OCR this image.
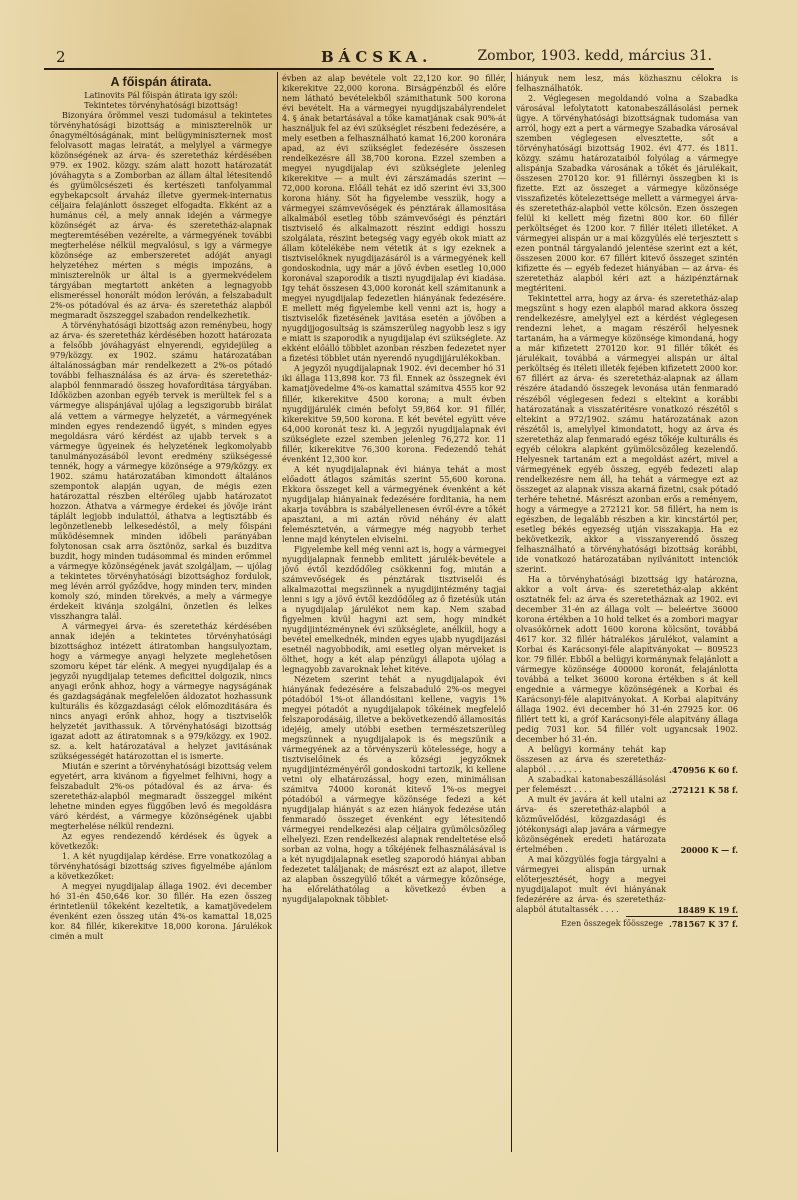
2	BÁCSKA.	Zombor, 1903. kedd, március 31.
A főispán átirata.

Latinovits Pál főispán átirata igy szól:

Tekintetes törvényhatósági bizottság!

Bizonyára örömmel veszi tudomásul a tekintetes törvényhatósági bizottság a miniszterelnök ur őnagyméltóságának, mint belügyminiszternek most felolvasott magas leiratát, a melylyel a vármegye közönségének az árva- és szeretetház kérdésében 979. ex 1902. közgy. szám alatt hozott határozatát jóváhagyta s a Zomborban az állam által létesitendő és gyümölcsészeti és kertészeti tanfolyammal egybekapcsolt árvaház illetve gyermek-internatus céljaira felajánlott összeget elfogadta. Ekként az a humánus cél, a mely annak idején a vármegye közönségét az árva- és szeretetház-alapnak megteremtésében vezérelte, a vármegyének további megterhelése nélkül megvalósul, s igy a vármegye közönsége az emberszeretet adóját anyagi helyzetéhez mérten s mégis impozáns, a miniszterelnök ur által is a gyermekvédelem tárgyában megtartott ankéten a legnagyobb elismeréssel honorált módon leróván, a felszabadult 2%-os pótadóval és az árva- és szeretetház alapból megmaradt öszszeggel szabadon rendelkezhetik.

A törvényhatósági bizottság azon reménybeu, hogy az árva- és szeretetház kérdésében hozott határozata a felsőbb jóváhagyást elnyerendi, egyidejüleg a 979/közgy. ex 1902. számu határozatában általánosságban már rendelkezett a 2%-os pótadó további felhasználása és az árva- és szeretetház-alapból fennmaradó összeg hovaforditása tárgyában. Időközben azonban egyéb tervek is merültek fel s a vármegye alispánjával ujólag a legszigorubb birálat alá vettem a vármegye helyzetét, a vármegyének minden egyes rendezendő ügyét, s minden egyes megoldásra váró kérdést az ujabb tervek s a vármegye ügyeinek és helyzetének legkomolyabb tanulmányozásából levont eredmény szükségessé tennék, hogy a vármegye közönsége a 979/közgy. ex 1902. számu határozatában kimondott általános szempontok alapján ugyan, de mégis ezen határozattal részben eltérőleg ujabb határozatot hozzon. Áthatva a vármegye érdekei és jövője iránt táplált legjobb indulattól, áthatva a legtisztább és legönzetlenebb lelkesedéstől, a mely főispáni működésemnek minden időbeli parányában folytonosan csak arra ösztönöz, sarkal és buzditva buzdit, hogy minden tudásommal és minden erőmmel a vármegye közönségének javát szolgáljam, — ujólag a tekintetes törvényhatósági bizottsághoz fordulok, meg lévén arról győződve, hogy minden terv, minden komoly szó, minden törekvés, a mely a vármegye érdekeit kivánja szolgálni, önzetlen és lelkes visszhangra talál.

A vármegyei árva- és szeretetház kérdésében annak idején a tekintetes törvényhatósági bizottsághoz intézett átiratomban hangsulyoztam, hogy a vármegye anyagi helyzete meglehetősen szomoru képet tár elénk. A megyei nyugdijalap és a jegyzői nyugdijalap tetemes deficittel dolgozik, nincs anyagi erőnk ahhoz, hogy a vármegye nagyságának és gazdagságának megfelelően áldozatot hozhassunk kulturális és közgazdasági célok előmozditására és nincs anyagi erőnk ahhoz, hogy a tisztviselők helyzetét javithassuk. A törvényhatósági bizottság igazat adott az átiratomnak s a 979/közgy. ex 1902. sz. a. kelt határozatával a helyzet javitásának szükségességét határozottan el is ismerte.

Miután e szerint a törvényhatósági bizottság velem egyetért, arra kivánom a figyelmet felhivni, hogy a felszabadult 2%-os pótadóval és az árva- és szeretetház-alapból megmaradt összeggel miként lehetne minden egyes függőben levő és megoldásra váró kérdést, a vármegye közönségének ujabbi megterhelése nélkül rendezni.

Az egyes rendezendő kérdések és ügyek a következők:

1. A két nyugdijalap kérdése. Erre vonatkozólag a törvényhatósági bizottság szives figyelmébe ajánlom a következőket:

A megyei nyugdijalap állaga 1902. évi december hó 31-én 450,646 kor. 30 fillér. Ha ezen összeg érintetlenül tőkeként kezeltetik, a kamatjövedelem évenként ezen összeg után 4%-os kamattal 18,025 kor. 84 fillér, kikerekitve 18,000 korona. Járulékok cimén a mult

évben az alap bevétele volt 22,120 kor. 90 fillér, kikerekitve 22,000 korona. Birságpénzből és előre nem látható bevételekből számithatunk 500 korona évi bevételt. Ha a vármegyei nyugdijszabályrendelet 4. § ának betartásával a tőke kamatjának csak 90%-át használjuk fel az évi szükséglet részbeni fedezésére, a mely esetben a felhasználható kamat 16,200 koronára apad, az évi szükséglet fedezésére összesen rendelkezésre áll 38,700 korona. Ezzel szemben a megyei nyugdijalap évi szükséglete jelenleg kikerekitve — a mult évi zárszámadás szerint — 72,000 korona. Előáll tehát ez idő szerint évi 33,300 korona hiány. Söt ha figyelembe vesszük, hogy a vármegyei számvevőségek és pénztárak államositása alkalmából esetleg több számvevőségi és pénztári tisztviselő és alkalmazott részint eddigi hosszu szolgálata, részint betegség vagy egyéb okok miatt az állam kötelékébe nem vétetik át s igy ezeknek a tisztviselőknek nyugdijazásáról is a vármegyének kell gondoskodnia, ugy már a jövő évben esetleg 10,000 koronával szaporodik a tiszti nyugdijalap évi kiadása. Igy tehát összesen 43,000 koronát kell számitanunk a megyei nyugdijalap fedezetlen hiányának fedezésére. E mellett még figyelembe kell venni azt is, hogy a tisztviselők fizetésének javitása esetén a jövőben a nyugdijjogosultság is számszerüleg nagyobb lesz s igy e miatt is szaporodik a nyugdijalap évi szükséglete. Az ekként előálló többlet azonban részben fedezetet nyer a fizetési többlet után nyerendő nyugdijjárulékokban.

A jegyzői nyugdijalapnak 1902. évi december hó 31 iki állaga 113,898 kor. 73 fil. Ennek az összegnek évi kamatjövedelme 4%-os kamattal számitva 4555 kor 92 fillér, kikerekitve 4500 korona; a mult évben nyugdijjárulék cimén befolyt 59,864 kor. 91 fillér, kikerekitve 59,500 korona. E két bevétel együtt véve 64,000 koronát tesz ki. A jegyzői nyugdijalapnak évi szükséglete ezzel szemben jelenleg 76,272 kor. 11 fillér, kikerekitve 76,300 korona. Fedezendő tehát évenként 12,300 kor.

A két nyugdijalapnak évi hiánya tehát a most előadott átlagos számitás szerint 55,600 korona. Ekkora összeget kell a vármegyének évenként a két nyugdijalap hiányainak fedezésére forditania, ha nem akarja továbbra is szabályellenesen évről-évre a tőkét apasztani, a mi aztán rövid néhány év alatt felemésztetvén, a vármegye még nagyobb terhet lenne majd kénytelen elviselni.

Figyelembe kell még venni azt is, hogy a vármegyei nyugdijalapnak fennebb emlitett járulék-bevétele a jövő évtől kezdődőleg csökkenni fog, miután a számvevőségek és pénztárak tisztviselői és alkalmazottai megszünnek a nyugdijintézmény tagjai lenni s igy a jövő évtől kezdődőleg az ő fizetésük után a nyugdijalap járulékot nem kap. Nem szabad figyelmen kivül hagyni azt sem, hogy mindkét nyugdijintézménynek évi szükséglete, anélkül, hogy a bevétel emelkednék, minden egyes ujabb nyugdijazási esetnél nagyobbodik, ami esetleg olyan mérveket is ölthet, hogy a két alap pénzügyi állapota ujólag a legnagyobb zavaroknak lehet kitéve.

Nézetem szerint tehát a nyugdijalapok évi hiányának fedezésére a felszabaduló 2%-os megyei pótadóból 1%-ot állandósitani kellene, vagyis 1% megyei pótadót a nyugdijalapok tőkéinek megfelelő felszaporodásáig, illetve a bekövetkezendő államositás idejéig, amely utóbbi esetben természetszerüleg megszünnek a nyugdijalapok is és megszünik a vármegyének az a törvényszerü kötelessége, hogy a tisztviselőinek és a községi jegyzőknek nyugdijintézményéről gondoskodni tartozik, ki kellene vetni oly elhatározással, hogy ezen, minimálisan számitva 74000 koronát kitevő 1%-os megyei pótadóból a vármegye közönsége fedezi a két nyugdijalap hiányát s az ezen hiányok fedezése után fenmaradó összeget évenként egy létesitendő vármegyei rendelkezési alap céljaira gyümölcsözőleg elhelyezi. Ezen rendelkezési alapnak rendeltetése első sorban az volna, hogy a tőkéjének felhasználásával is a két nyugdijalapnak esetleg szaporodó hiányai abban fedezetet találjanak; de másrészt ezt az alapot, illetve az alapban összegyülő tőkét a vármegye közönsége, ha előreláthatólag a következő évben a nyugdijalapoknak többlet-

hiányuk nem lesz, más közhasznu célokra is felhasználhatók.

2. Véglegesen megoldandó volna a Szabadka városával lefolytatott katonabeszállásolási pernek ügye. A törvényhatósági bizottságnak tudomása van arról, hogy ezt a pert a vármegye Szabadka városával szemben véglegesen elvesztette, sőt a törvényhatósági bizottság 1902. évi 477. és 1811. közgy. számu határozataiból folyólag a vármegye alispánja Szabadka városának a tőkét és járulékait, összesen 270120 kor. 91 fillérnyi összegben ki is fizette. Ezt az összeget a vármegye közönsége visszafizetés kötelezettsége mellett a vármegyei árva- és szeretetház-alapból vette kölcsön. Ezen összegen felül ki kellett még fizetni 800 kor. 60 fillér perköltséget és 1200 kor. 7 fillér itéleti illetéket. A vármegyei alispán ur a mai közgyülés elé terjesztett s ezen pontnál tárgyalandó jelentése szerint ezt a két, összesen 2000 kor. 67 fillért kitevő összeget szintén kifizette és — egyéb fedezet hiányában — az árva- és szeretetház alapból kéri azt a házipénztárnak megtériteni.

Tekintettel arra, hogy az árva- és szeretetház-alap megszünt s hogy ezen alapból marad akkora összeg rendelkezésre, amelylyel ezt a kérdést véglegesen rendezni lehet, a magam részéről helyesnek tartanám, ha a vármegye közönsége kimondaná, hogy a már kifizetett 270120 kor. 91 fillér tőkét és járulékait, továbbá a vármegyei alispán ur által perköltség és itéleti illeték fejében kifizetett 2000 kor. 67 fillért az árva- és szeretetház-alapnak az állam részére átadandó összegek levonása után fenmaradó részéből véglegesen fedezi s eltekint a korábbi határozatának a visszatéritésre vonatkozó részétől s eltekint a 972/1902. számu határozatának azon részétől is, amelylyel kimondatott, hogy az árva és szeretetház alap fenmaradó egész tőkéje kulturális és egyéb célokra alapként gyümölcsözőleg kezelendő. Helyesnek tartanám ezt a megoldást azért, mivel a vármegyének egyéb összeg, egyéb fedezeti alap rendelkezésre nem áll, ha tehát a vármegye ezt az összeget az alapnak vissza akarná fizetni, csak pótadó terhére tehetné. Másrészt azonban erős a reményem, hogy a vármegye a 272121 kor. 58 fillért, ha nem is egészben, de legalább részben a kir. kincstártól per, esetleg békés egyezség utján visszakapja. Ha ez bekövetkezik, akkor a visszanyerendő összeg felhasználható a törvényhatósági bizottság korábbi, ide vonatkozó határozatában nyilvánitott intenciók szerint.

Ha a törvényhatósági bizottság igy határozna, akkor a volt árva- és szeretetház-alap akként osztatnék fel: az árva és szeretetháznak az 1902. evi december 31-én az állaga volt — beleértve 36000 korona értékben a 10 hold telket és a zombori magyar olvasókörnek adott 1600 korona kölcsönt, továbbá 4617 kor. 32 fillér hátralékos járulékot, valamint a Korbai és Karácsonyi-féle alapitványokat — 809523 kor. 79 fillér. Ebből a belügyi kormánynak felajánlott a vármegye közönsége 400000 koronát, felajánlotta továbbá a telket 36000 korona értékben s át kell engednie a vármegye közönségének a Korbai és Karácsonyi-féle alapitványokat. A Korbai alapitvány állaga 1902. évi december hó 31-én 27925 kor. 06 fillért tett ki, a gróf Karácsonyi-féle alapitvány állaga pedig 7031 kor. 54 fillér volt ugyancsak 1902. december hó 31-én.

A belügyi kormány tehát kap összesen az árva és szeretetház-alapból . . . . . . .	.470956 K 60 f.
A szabadkai katonabeszállásolási per felemészt . . . .	.272121 K 58 f.
A mult év javára át kell utalni az árva- és szeretetház-alapból a közművelődési, közgazdasági és jótékonysági alap javára a vármegye közönségének eredeti határozata értelmében .	20000 K — f.
A mai közgyülés fogja tárgyalni a vármegyei alispán urnak előterjesztését, hogy a megyei nyugdijalapot mult évi hiányának fedezérére az árva- és szeretetház-alapból átutaltassék . . . .	18489 K 19 f.
Ezen összegek főösszege .781567 K 37 f.
